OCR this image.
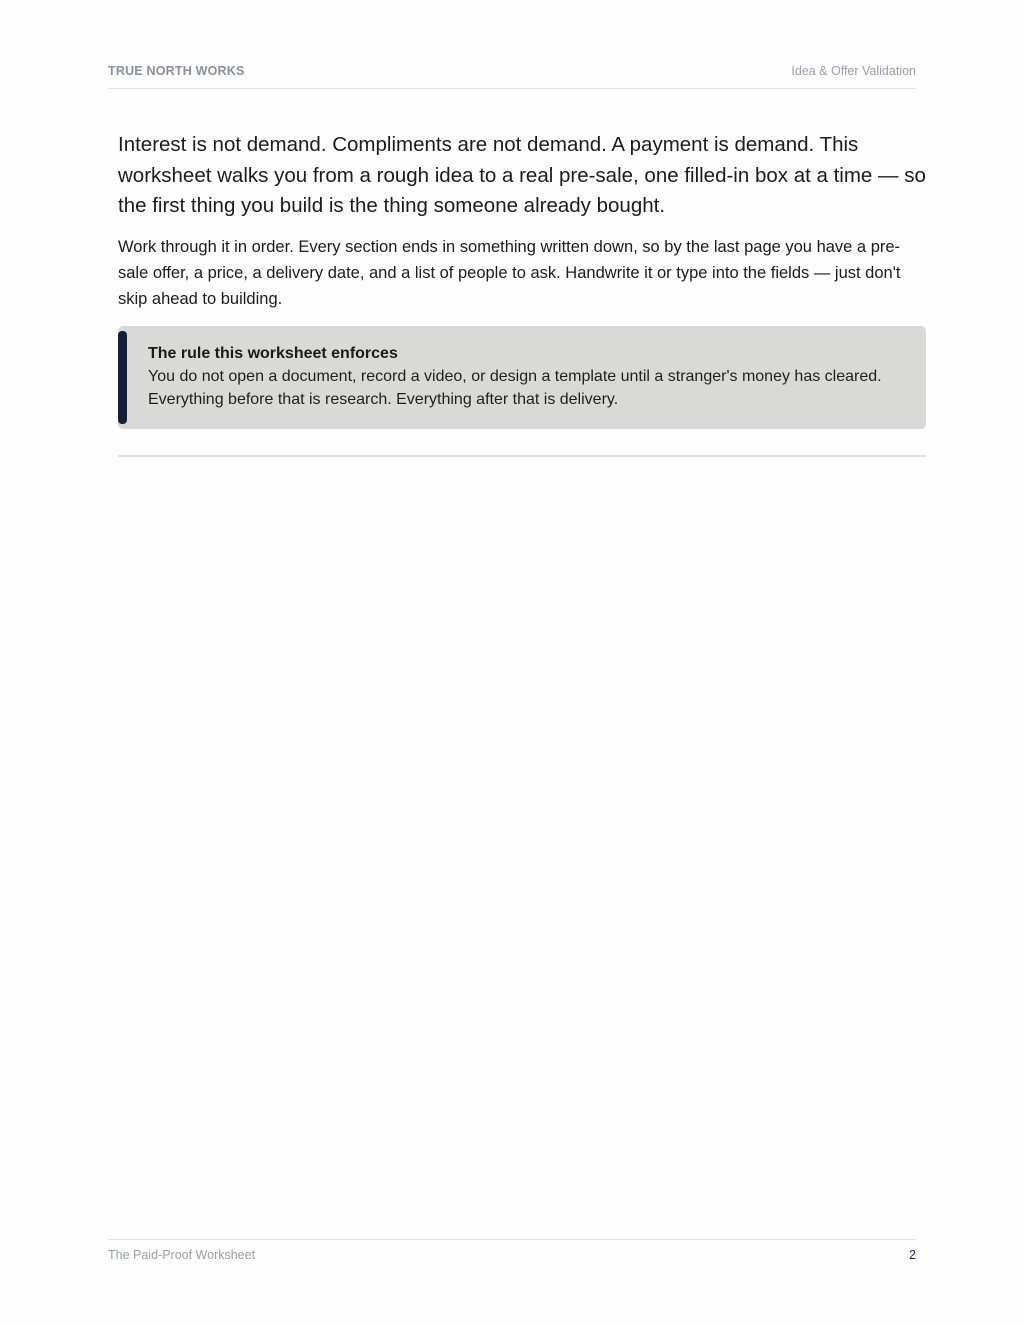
TRUE NORTH WORKS	Idea & Offer Validation

Interest is not demand. Compliments are not demand. A payment is demand. This worksheet walks you from a rough idea to a real pre-sale, one filled-in box at a time — so the first thing you build is the thing someone already bought.

Work through it in order. Every section ends in something written down, so by the last page you have a pre-sale offer, a price, a delivery date, and a list of people to ask. Handwrite it or type into the fields — just don't skip ahead to building.

The rule this worksheet enforces
You do not open a document, record a video, or design a template until a stranger's money has cleared. Everything before that is research. Everything after that is delivery.
The Paid-Proof Worksheet	2
